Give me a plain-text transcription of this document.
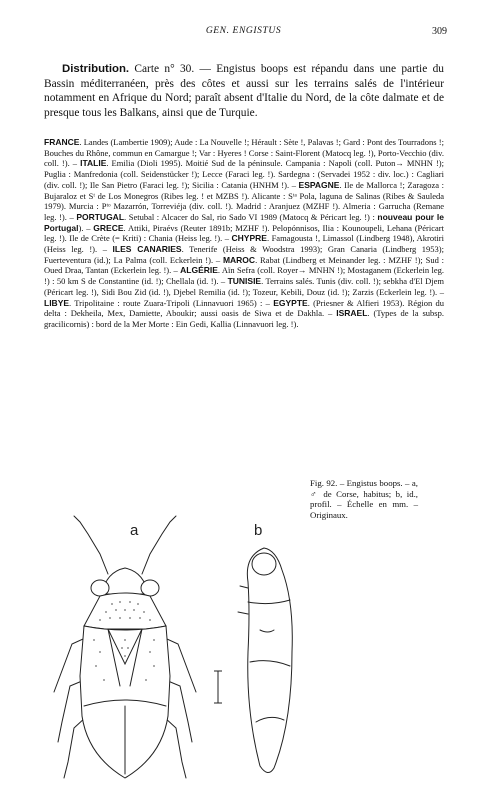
GEN. ENGISTUS	309

Distribution. Carte n° 30. — Engistus boops est répandu dans une partie du Bassin méditerranéen, près des côtes et aussi sur les terrains salés de l'intérieur notamment en Afrique du Nord; paraît absent d'Italie du Nord, de la côte dalmate et de presque tous les Balkans, ainsi que de Turquie.

FRANCE. Landes (Lambertie 1909); Aude : La Nouvelle !; Hérault : Sète !, Palavas !; Gard : Pont des Tourradons !; Bouches du Rhône, commun en Camargue !; Var : Hyeres ! Corse : Saint-Florent (Matocq leg. !), Porto-Vecchio (div. coll. !). – ITALIE. Emilia (Dioli 1995). Moitié Sud de la péninsule. Campania : Napoli (coll. Puton→ MNHN !); Puglia : Manfredonia (coll. Seidenstücker !); Lecce (Faraci leg. !). Sardegna : (Servadei 1952 : div. loc.) : Cagliari (div. coll. !); Ile San Pietro (Faraci leg. !); Sicilia : Catania (HNHM !). – ESPAGNE. Ile de Mallorca !; Zaragoza : Bujaraloz et Sᵗ de Los Monegros (Ribes leg. ! et MZBS !). Alicante : Sᵗᵃ Pola, laguna de Salinas (Ribes & Sauleda 1979). Murcia : Pᵗᵒ Mazarrón, Torreviéja (div. coll. !). Madrid : Aranjuez (MZHF !). Almeria : Garrucha (Remane leg. !). – PORTUGAL. Setubal : Alcacer do Sal, rio Sado VI 1989 (Matocq & Péricart leg. !) : nouveau pour le Portugal). – GRECE. Attiki, Piraévs (Reuter 1891b; MZHF !). Pelopónnisos, Ilia : Kounoupeli, Lehana (Péricart leg. !). Ile de Crète (= Kriti) : Chania (Heiss leg. !). – CHYPRE. Famagousta !, Limassol (Lindberg 1948), Akrotiri (Heiss leg. !). – ILES CANARIES. Tenerife (Heiss & Woodstra 1993); Gran Canaria (Lindberg 1953); Fuerteventura (id.); La Palma (coll. Eckerlein !). – MAROC. Rabat (Lindberg et Meinander leg. : MZHF !); Sud : Oued Draa, Tantan (Eckerlein leg. !). – ALGÉRIE. Aïn Sefra (coll. Royer→ MNHN !); Mostaganem (Eckerlein leg. !) : 50 km S de Constantine (id. !); Chellala (id. !). – TUNISIE. Terrains salés. Tunis (div. coll. !); sebkha d'El Djem (Péricart leg. !), Sidi Bou Zid (id. !), Djebel Remilia (id. !); Tozeur, Kebili, Douz (id. !); Zarzis (Eckerlein leg. !). – LIBYE. Tripolitaine : route Zuara-Tripoli (Linnavuori 1965) : – EGYPTE. (Priesner & Alfieri 1953). Région du delta : Dekheila, Mex, Damiette, Aboukir; aussi oasis de Siwa et de Dakhla. – ISRAEL. (Types de la subsp. gracilicornis) : bord de la Mer Morte : Ein Gedi, Kallia (Linnavuori leg. !).

a	b

Fig. 92. – Engistus boops. – a, ♂ de Corse, habitus; b, id., profil. – Échelle en mm. – Originaux.
